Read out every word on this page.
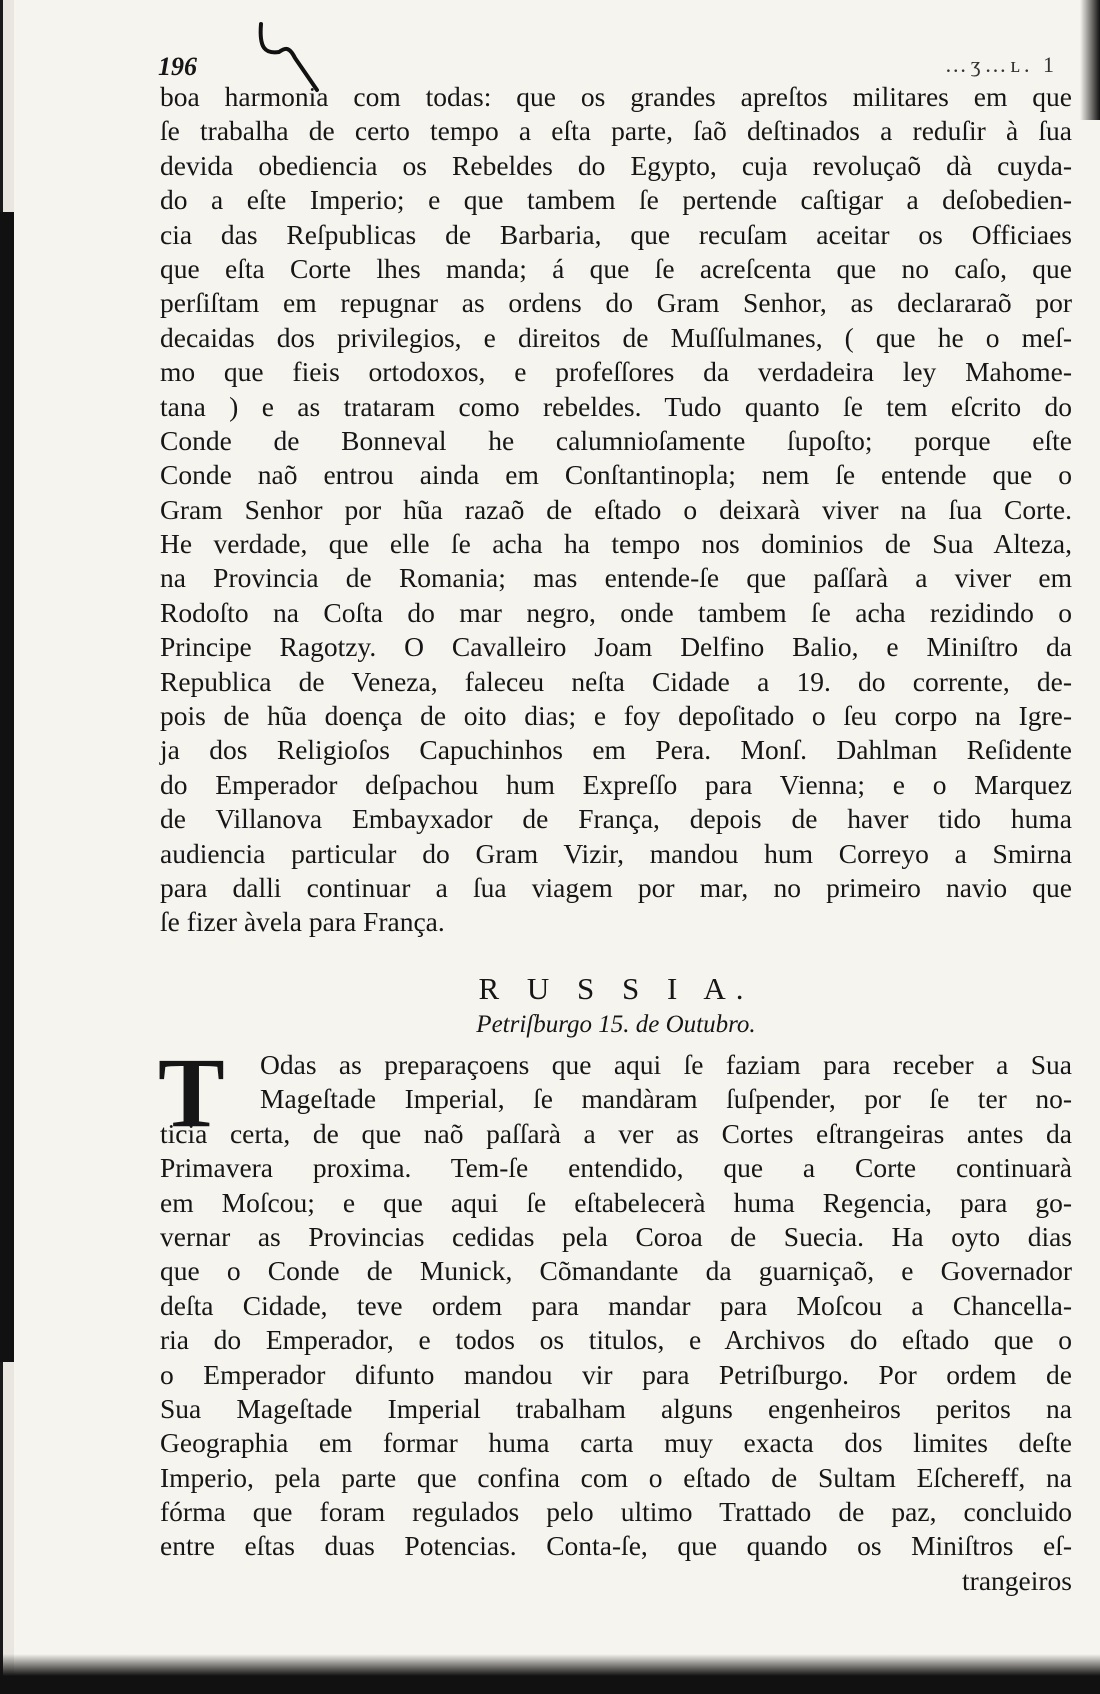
196	…ʒ…ʟ. 1
boa harmonia com todas: que os grandes apreſtos militares em que
ſe trabalha de certo tempo a eſta parte, ſaõ deſtinados a reduſir à ſua
devida obediencia os Rebeldes do Egypto, cuja revoluçaõ dà cuyda-
do a eſte Imperio; e que tambem ſe pertende caſtigar a deſobedien-
cia das Reſpublicas de Barbaria, que recuſam aceitar os Officiaes
que eſta Corte lhes manda; á que ſe acreſcenta que no caſo, que
perſiſtam em repugnar as ordens do Gram Senhor, as declararaõ por
decaidas dos privilegios, e direitos de Muſſulmanes, ( que he o meſ-
mo que fieis ortodoxos, e profeſſores da verdadeira ley Mahome-
tana ) e as trataram como rebeldes. Tudo quanto ſe tem eſcrito do
Conde de Bonneval he calumnioſamente ſupoſto; porque eſte
Conde naõ entrou ainda em Conſtantinopla; nem ſe entende que o
Gram Senhor por hũa razaõ de eſtado o deixarà viver na ſua Corte.
He verdade, que elle ſe acha ha tempo nos dominios de Sua Alteza,
na Provincia de Romania; mas entende-ſe que paſſarà a viver em
Rodoſto na Coſta do mar negro, onde tambem ſe acha rezidindo o
Principe Ragotzy. O Cavalleiro Joam Delfino Balio, e Miniſtro da
Republica de Veneza, faleceu neſta Cidade a 19. do corrente, de-
pois de hũa doença de oito dias; e foy depoſitado o ſeu corpo na Igre-
ja dos Religioſos Capuchinhos em Pera. Monſ. Dahlman Reſidente
do Emperador deſpachou hum Expreſſo para Vienna; e o Marquez
de Villanova Embayxador de França, depois de haver tido huma
audiencia particular do Gram Vizir, mandou hum Correyo a Smirna
para dalli continuar a ſua viagem por mar, no primeiro navio que
ſe fizer àvela para França.
R U S S I A.
Petriſburgo 15. de Outubro.
T	Odas as preparaçoens que aqui ſe faziam para receber a Sua
Mageſtade Imperial, ſe mandàram ſuſpender, por ſe ter no-
ticia certa, de que naõ paſſarà a ver as Cortes eſtrangeiras antes da
Primavera proxima. Tem-ſe entendido, que a Corte continuarà
em Moſcou; e que aqui ſe eſtabelecerà huma Regencia, para go-
vernar as Provincias cedidas pela Coroa de Suecia. Ha oyto dias
que o Conde de Munick, Cõmandante da guarniçaõ, e Governador
deſta Cidade, teve ordem para mandar para Moſcou a Chancella-
ria do Emperador, e todos os titulos, e Archivos do eſtado que o
o Emperador difunto mandou vir para Petriſburgo. Por ordem de
Sua Mageſtade Imperial trabalham alguns engenheiros peritos na
Geographia em formar huma carta muy exacta dos limites deſte
Imperio, pela parte que confina com o eſtado de Sultam Eſchereff, na
fórma que foram regulados pelo ultimo Trattado de paz, concluido
entre eſtas duas Potencias. Conta-ſe, que quando os Miniſtros eſ-
trangeiros
